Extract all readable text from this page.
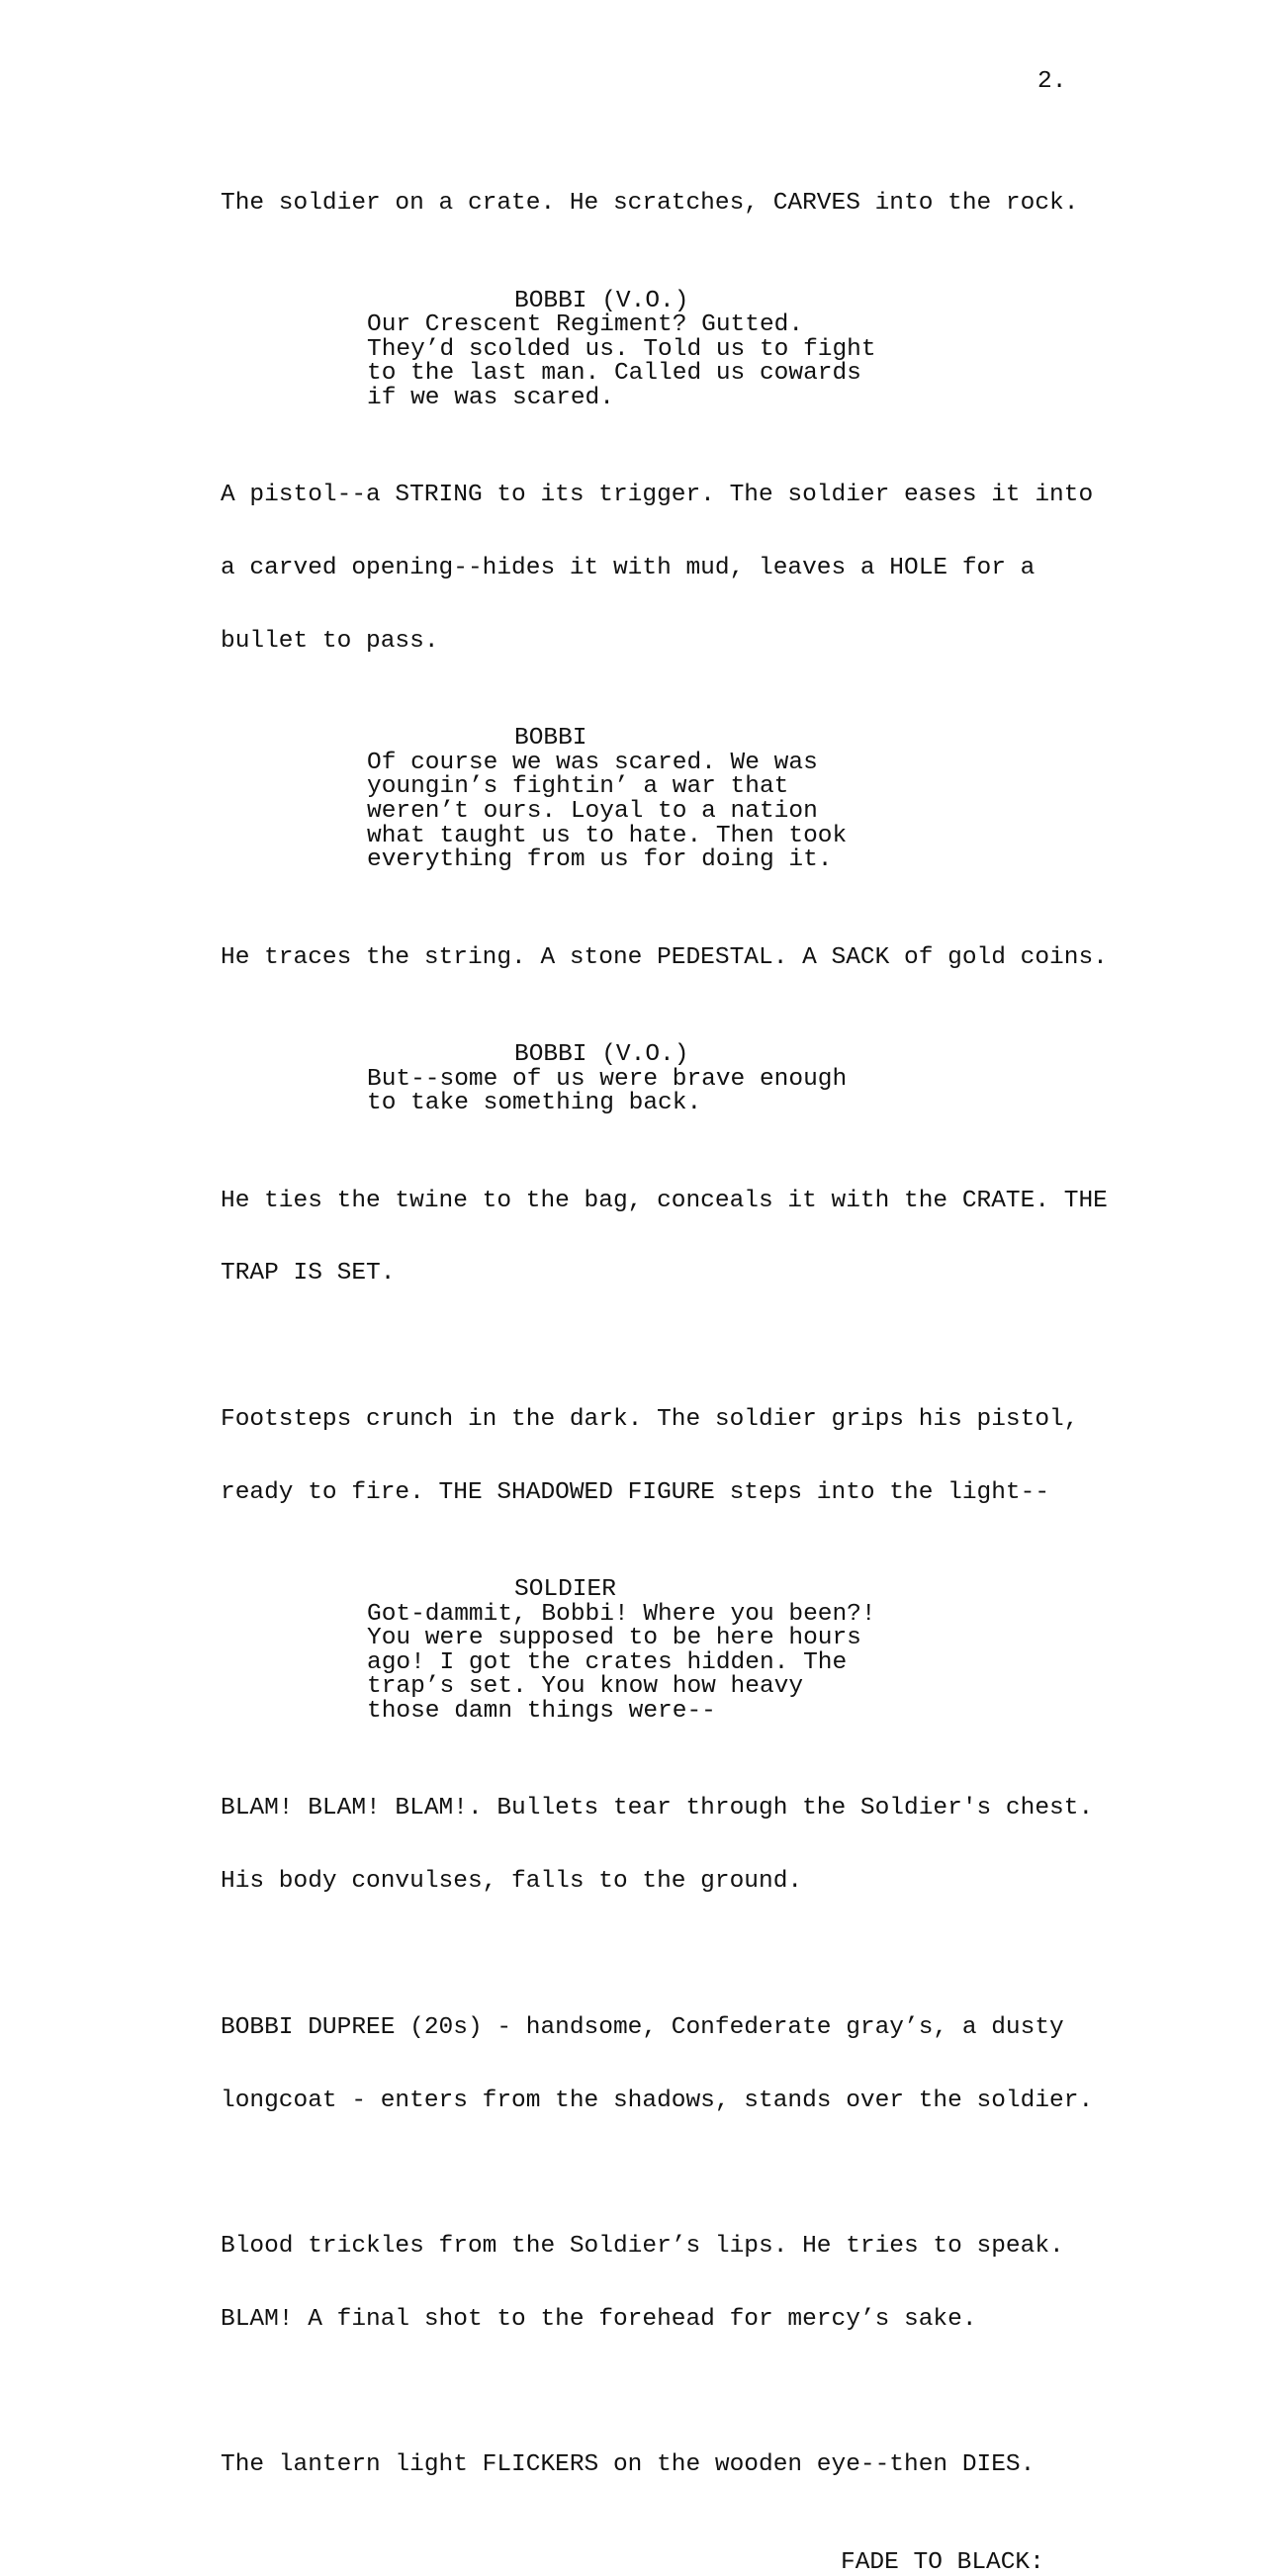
2.

The soldier on a crate. He scratches, CARVES into the rock.

BOBBI (V.O.)
Our Crescent Regiment? Gutted.
They’d scolded us. Told us to fight
to the last man. Called us cowards
if we was scared.

A pistol--a STRING to its trigger. The soldier eases it into

a carved opening--hides it with mud, leaves a HOLE for a

bullet to pass.

BOBBI
Of course we was scared. We was
youngin’s fightin’ a war that
weren’t ours. Loyal to a nation
what taught us to hate. Then took
everything from us for doing it.

He traces the string. A stone PEDESTAL. A SACK of gold coins.

BOBBI (V.O.)
But--some of us were brave enough
to take something back.

He ties the twine to the bag, conceals it with the CRATE. THE

TRAP IS SET.

Footsteps crunch in the dark. The soldier grips his pistol,

ready to fire. THE SHADOWED FIGURE steps into the light--

SOLDIER
Got-dammit, Bobbi! Where you been?!
You were supposed to be here hours
ago! I got the crates hidden. The
trap’s set. You know how heavy
those damn things were--

BLAM! BLAM! BLAM!. Bullets tear through the Soldier's chest.

His body convulses, falls to the ground.

BOBBI DUPREE (20s) - handsome, Confederate gray’s, a dusty

longcoat - enters from the shadows, stands over the soldier.

Blood trickles from the Soldier’s lips. He tries to speak.

BLAM! A final shot to the forehead for mercy’s sake.

The lantern light FLICKERS on the wooden eye--then DIES.

FADE TO BLACK:
